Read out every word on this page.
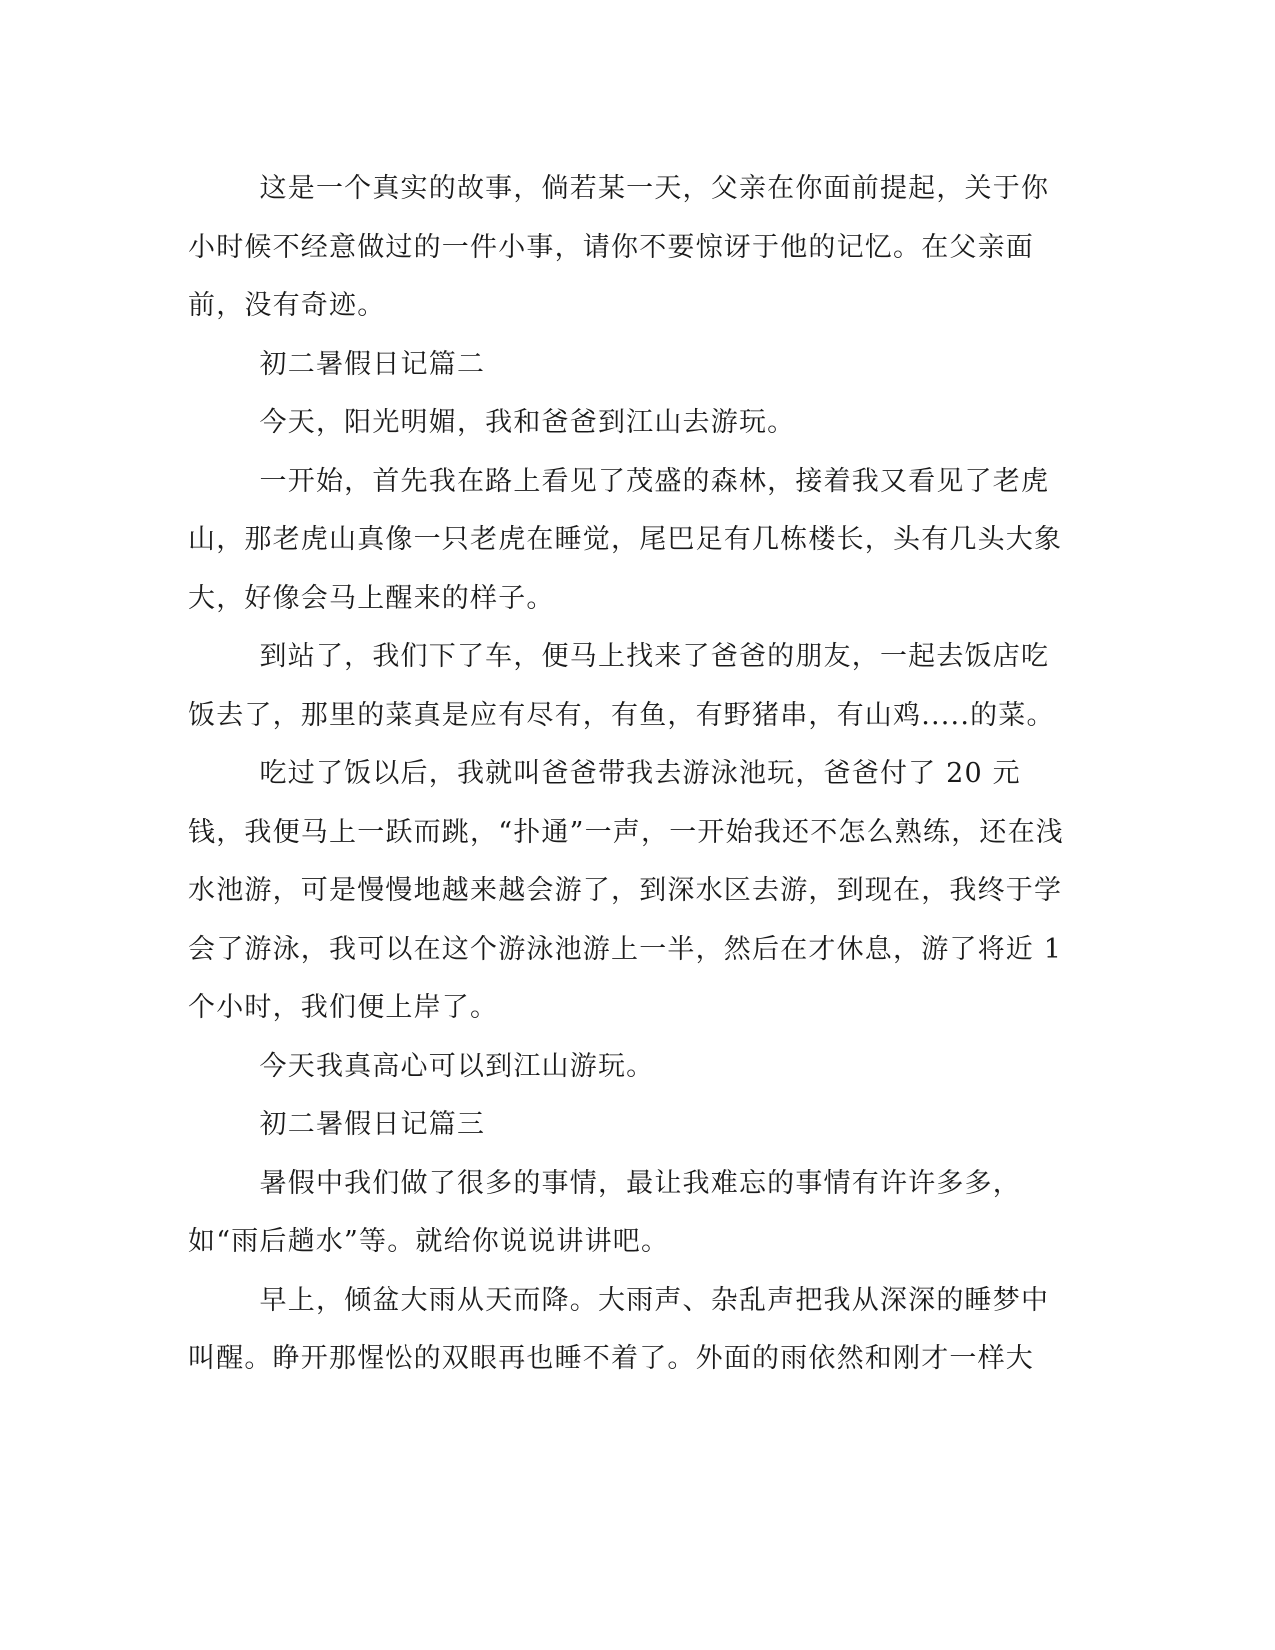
这是一个真实的故事，倘若某一天，父亲在你面前提起，关于你小时候不经意做过的一件小事，请你不要惊讶于他的记忆。在父亲面前，没有奇迹。

初二暑假日记篇二

今天，阳光明媚，我和爸爸到江山去游玩。

一开始，首先我在路上看见了茂盛的森林，接着我又看见了老虎山，那老虎山真像一只老虎在睡觉，尾巴足有几栋楼长，头有几头大象大，好像会马上醒来的样子。

到站了，我们下了车，便马上找来了爸爸的朋友，一起去饭店吃饭去了，那里的菜真是应有尽有，有鱼，有野猪串，有山鸡.....的菜。

吃过了饭以后，我就叫爸爸带我去游泳池玩，爸爸付了 20 元钱，我便马上一跃而跳，“扑通”一声，一开始我还不怎么熟练，还在浅水池游，可是慢慢地越来越会游了，到深水区去游，到现在，我终于学会了游泳，我可以在这个游泳池游上一半，然后在才休息，游了将近 1 个小时，我们便上岸了。

今天我真高心可以到江山游玩。

初二暑假日记篇三

暑假中我们做了很多的事情，最让我难忘的事情有许许多多，如“雨后趟水”等。就给你说说讲讲吧。

早上，倾盆大雨从天而降。大雨声、杂乱声把我从深深的睡梦中叫醒。睁开那惺忪的双眼再也睡不着了。外面的雨依然和刚才一样大
